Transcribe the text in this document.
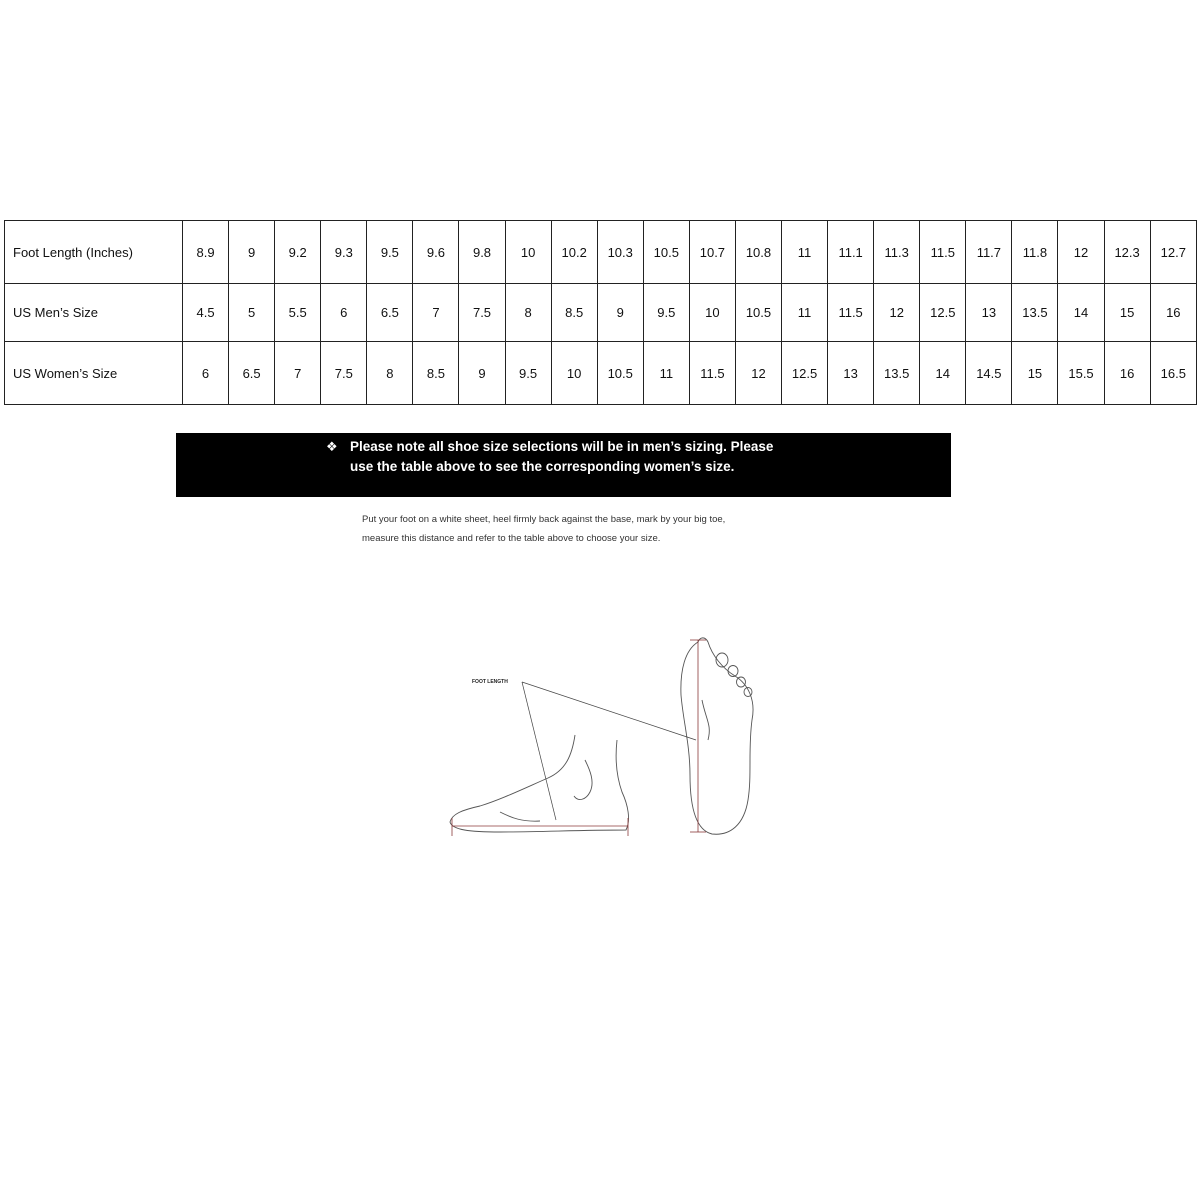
Foot Length (Inches)	8.9	9	9.2	9.3	9.5	9.6	9.8	10	10.2	10.3	10.5	10.7	10.8	11	11.1	11.3	11.5	11.7	11.8	12	12.3	12.7
US Men’s Size	4.5	5	5.5	6	6.5	7	7.5	8	8.5	9	9.5	10	10.5	11	11.5	12	12.5	13	13.5	14	15	16
US Women’s Size	6	6.5	7	7.5	8	8.5	9	9.5	10	10.5	11	11.5	12	12.5	13	13.5	14	14.5	15	15.5	16	16.5
❖ Please note all shoe size selections will be in men’s sizing. Please
use the table above to see the corresponding women’s size.
Put your foot on a white sheet, heel firmly back against the base, mark by your big toe,
measure this distance and refer to the table above to choose your size.
FOOT LENGTH
